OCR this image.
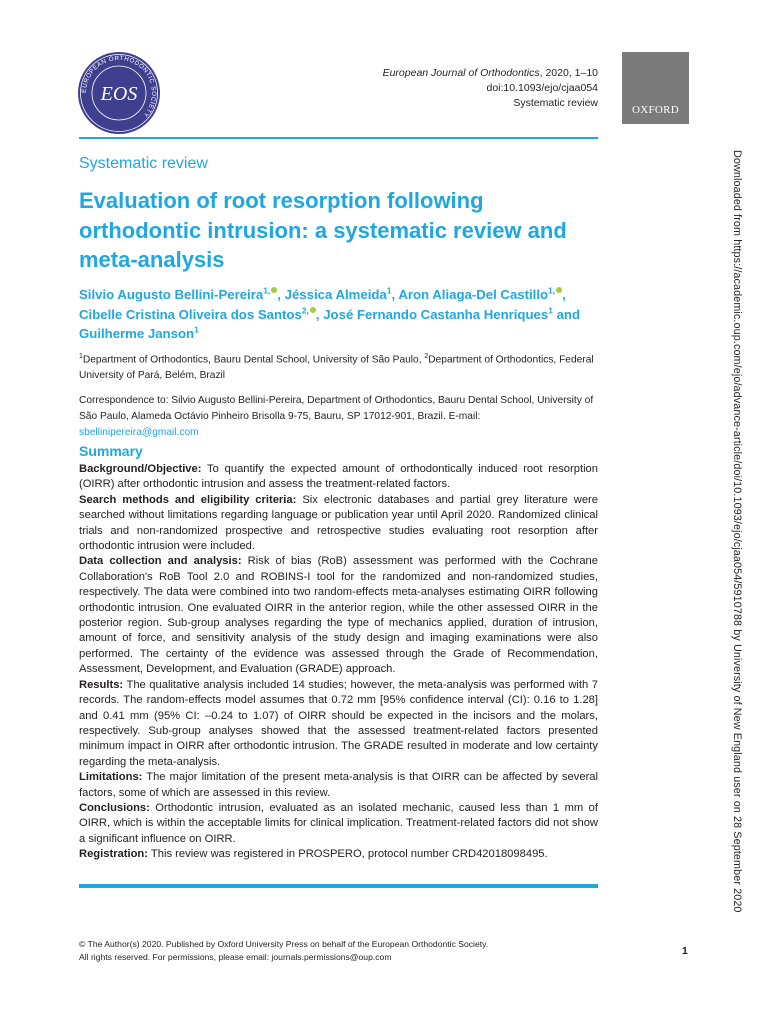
EUROPEAN ORTHODONTIC SOCIETY
EOS
European Journal of Orthodontics, 2020, 1–10
doi:10.1093/ejo/cjaa054
Systematic review
OXFORD
Systematic review
Evaluation of root resorption following orthodontic intrusion: a systematic review and meta-analysis
Silvio Augusto Bellini-Pereira$^{1,}$ , Jéssica Almeida$^1$, Aron Aliaga-Del Castillo$^{1,}$ , Cibelle Cristina Oliveira dos Santos$^{2,}$ , José Fernando Castanha Henriques$^1$ and Guilherme Janson$^1$
$^1$Department of Orthodontics, Bauru Dental School, University of São Paulo, $^2$Department of Orthodontics, Federal University of Pará, Belém, Brazil
Correspondence to: Silvio Augusto Bellini-Pereira, Department of Orthodontics, Bauru Dental School, University of São Paulo, Alameda Octávio Pinheiro Brisolla 9-75, Bauru, SP 17012-901, Brazil. E-mail: sbellinipereira@gmail.com
Summary

Background/Objective: To quantify the expected amount of orthodontically induced root resorption (OIRR) after orthodontic intrusion and assess the treatment-related factors.

Search methods and eligibility criteria: Six electronic databases and partial grey literature were searched without limitations regarding language or publication year until April 2020. Randomized clinical trials and non-randomized prospective and retrospective studies evaluating root resorption after orthodontic intrusion were included.

Data collection and analysis: Risk of bias (RoB) assessment was performed with the Cochrane Collaboration's RoB Tool 2.0 and ROBINS-I tool for the randomized and non-randomized studies, respectively. The data were combined into two random-effects meta-analyses estimating OIRR following orthodontic intrusion. One evaluated OIRR in the anterior region, while the other assessed OIRR in the posterior region. Sub-group analyses regarding the type of mechanics applied, duration of intrusion, amount of force, and sensitivity analysis of the study design and imaging examinations were also performed. The certainty of the evidence was assessed through the Grade of Recommendation, Assessment, Development, and Evaluation (GRADE) approach.

Results: The qualitative analysis included 14 studies; however, the meta-analysis was performed with 7 records. The random-effects model assumes that 0.72 mm [95% confidence interval (CI): 0.16 to 1.28] and 0.41 mm (95% CI: –0.24 to 1.07) of OIRR should be expected in the incisors and the molars, respectively. Sub-group analyses showed that the assessed treatment-related factors presented minimum impact in OIRR after orthodontic intrusion. The GRADE resulted in moderate and low certainty regarding the meta-analysis.

Limitations: The major limitation of the present meta-analysis is that OIRR can be affected by several factors, some of which are assessed in this review.

Conclusions: Orthodontic intrusion, evaluated as an isolated mechanic, caused less than 1 mm of OIRR, which is within the acceptable limits for clinical implication. Treatment-related factors did not show a significant influence on OIRR.

Registration: This review was registered in PROSPERO, protocol number CRD42018098495.

© The Author(s) 2020. Published by Oxford University Press on behalf of the European Orthodontic Society.
All rights reserved. For permissions, please email: journals.permissions@oup.com	1
Downloaded from https://academic.oup.com/ejo/advance-article/doi/10.1093/ejo/cjaa054/5910788 by University of New England user on 28 September 2020
